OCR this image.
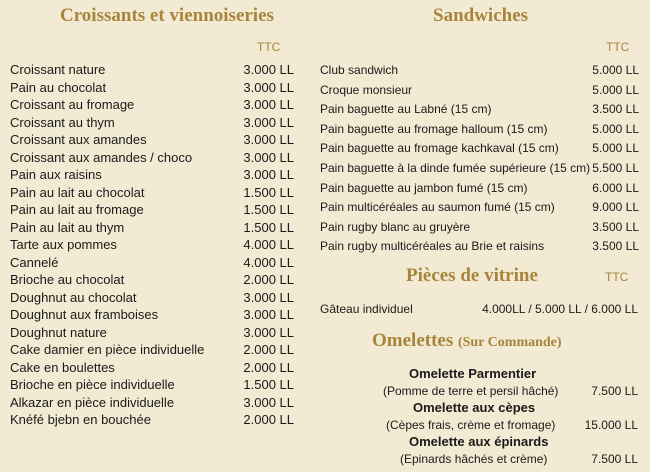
Croissants et viennoiseries
TTC
Croissant nature	3.000 LL
Pain au chocolat	3.000 LL
Croissant au fromage	3.000 LL
Croissant au thym	3.000 LL
Croissant aux amandes	3.000 LL
Croissant aux amandes / choco	3.000 LL
Pain aux raisins	3.000 LL
Pain au lait au chocolat	1.500 LL
Pain au lait au fromage	1.500 LL
Pain au lait au thym	1.500 LL
Tarte aux pommes	4.000 LL
Cannelé	4.000 LL
Brioche au chocolat	2.000 LL
Doughnut au chocolat	3.000 LL
Doughnut aux framboises	3.000 LL
Doughnut nature	3.000 LL
Cake damier en pièce individuelle	2.000 LL
Cake en boulettes	2.000 LL
Brioche en pièce individuelle	1.500 LL
Alkazar en pièce individuelle	3.000 LL
Knéfé bjebn en bouchée	2.000 LL
Sandwiches
TTC
Club sandwich	5.000 LL
Croque monsieur	5.000 LL
Pain baguette au Labné (15 cm)	3.500 LL
Pain baguette au fromage halloum (15 cm)	5.000 LL
Pain baguette au fromage kachkaval (15 cm)	5.000 LL
Pain baguette à la dinde fumée supérieure (15 cm) 5.500 LL
Pain baguette au jambon fumé (15 cm)	6.000 LL
Pain multicéréales au saumon fumé (15 cm)	9.000 LL
Pain rugby blanc au gruyère	3.500 LL
Pain rugby multicéréales au Brie et raisins	3.500 LL
Pièces de vitrine	TTC
Gâteau individuel	4.000LL / 5.000 LL / 6.000 LL
Omelettes (Sur Commande)
Omelette Parmentier
(Pomme de terre et persil hâché)	7.500 LL
Omelette aux cèpes
(Cèpes frais, crème et fromage) 15.000 LL
Omelette aux épinards
(Epinards hâchés et crème)	7.500 LL
